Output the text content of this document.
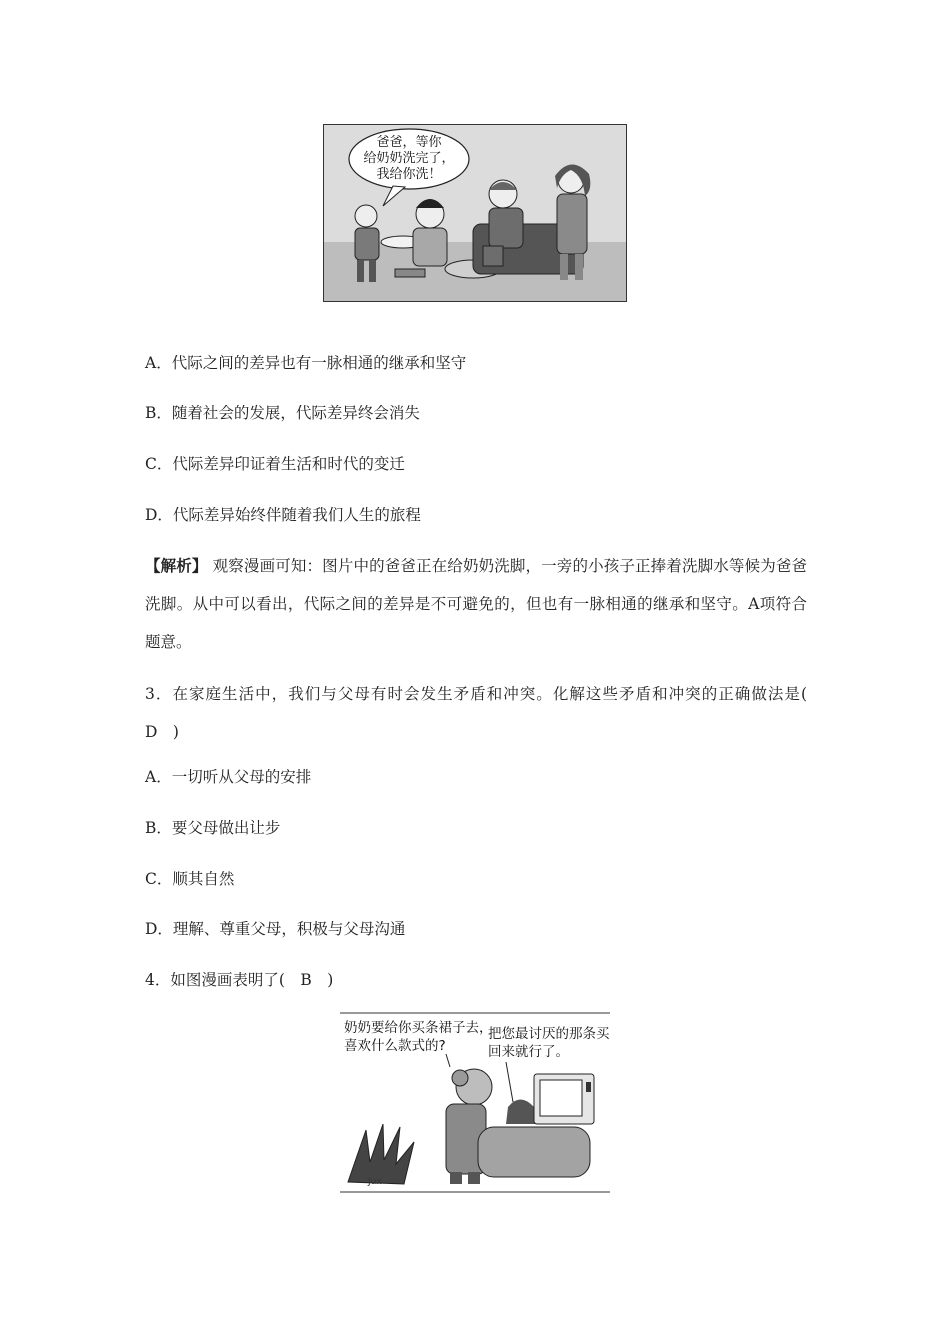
爸爸，等你
给奶奶洗完了，
我给你洗！
A．代际之间的差异也有一脉相通的继承和坚守
B．随着社会的发展，代际差异终会消失
C．代际差异印证着生活和时代的变迁
D．代际差异始终伴随着我们人生的旅程
【解析】 观察漫画可知：图片中的爸爸正在给奶奶洗脚，一旁的小孩子正捧着洗脚水等候为爸爸洗脚。从中可以看出，代际之间的差异是不可避免的，但也有一脉相通的继承和坚守。A项符合题意。
3．在家庭生活中，我们与父母有时会发生矛盾和冲突。化解这些矛盾和冲突的正确做法是(　D　)
A．一切听从父母的安排
B．要父母做出让步
C．顺其自然
D．理解、尊重父母，积极与父母沟通
4．如图漫画表明了(　B　)
奶奶要给你买条裙子去，
喜欢什么款式的?
把您最讨厌的那条买
回来就行了。
Jux
